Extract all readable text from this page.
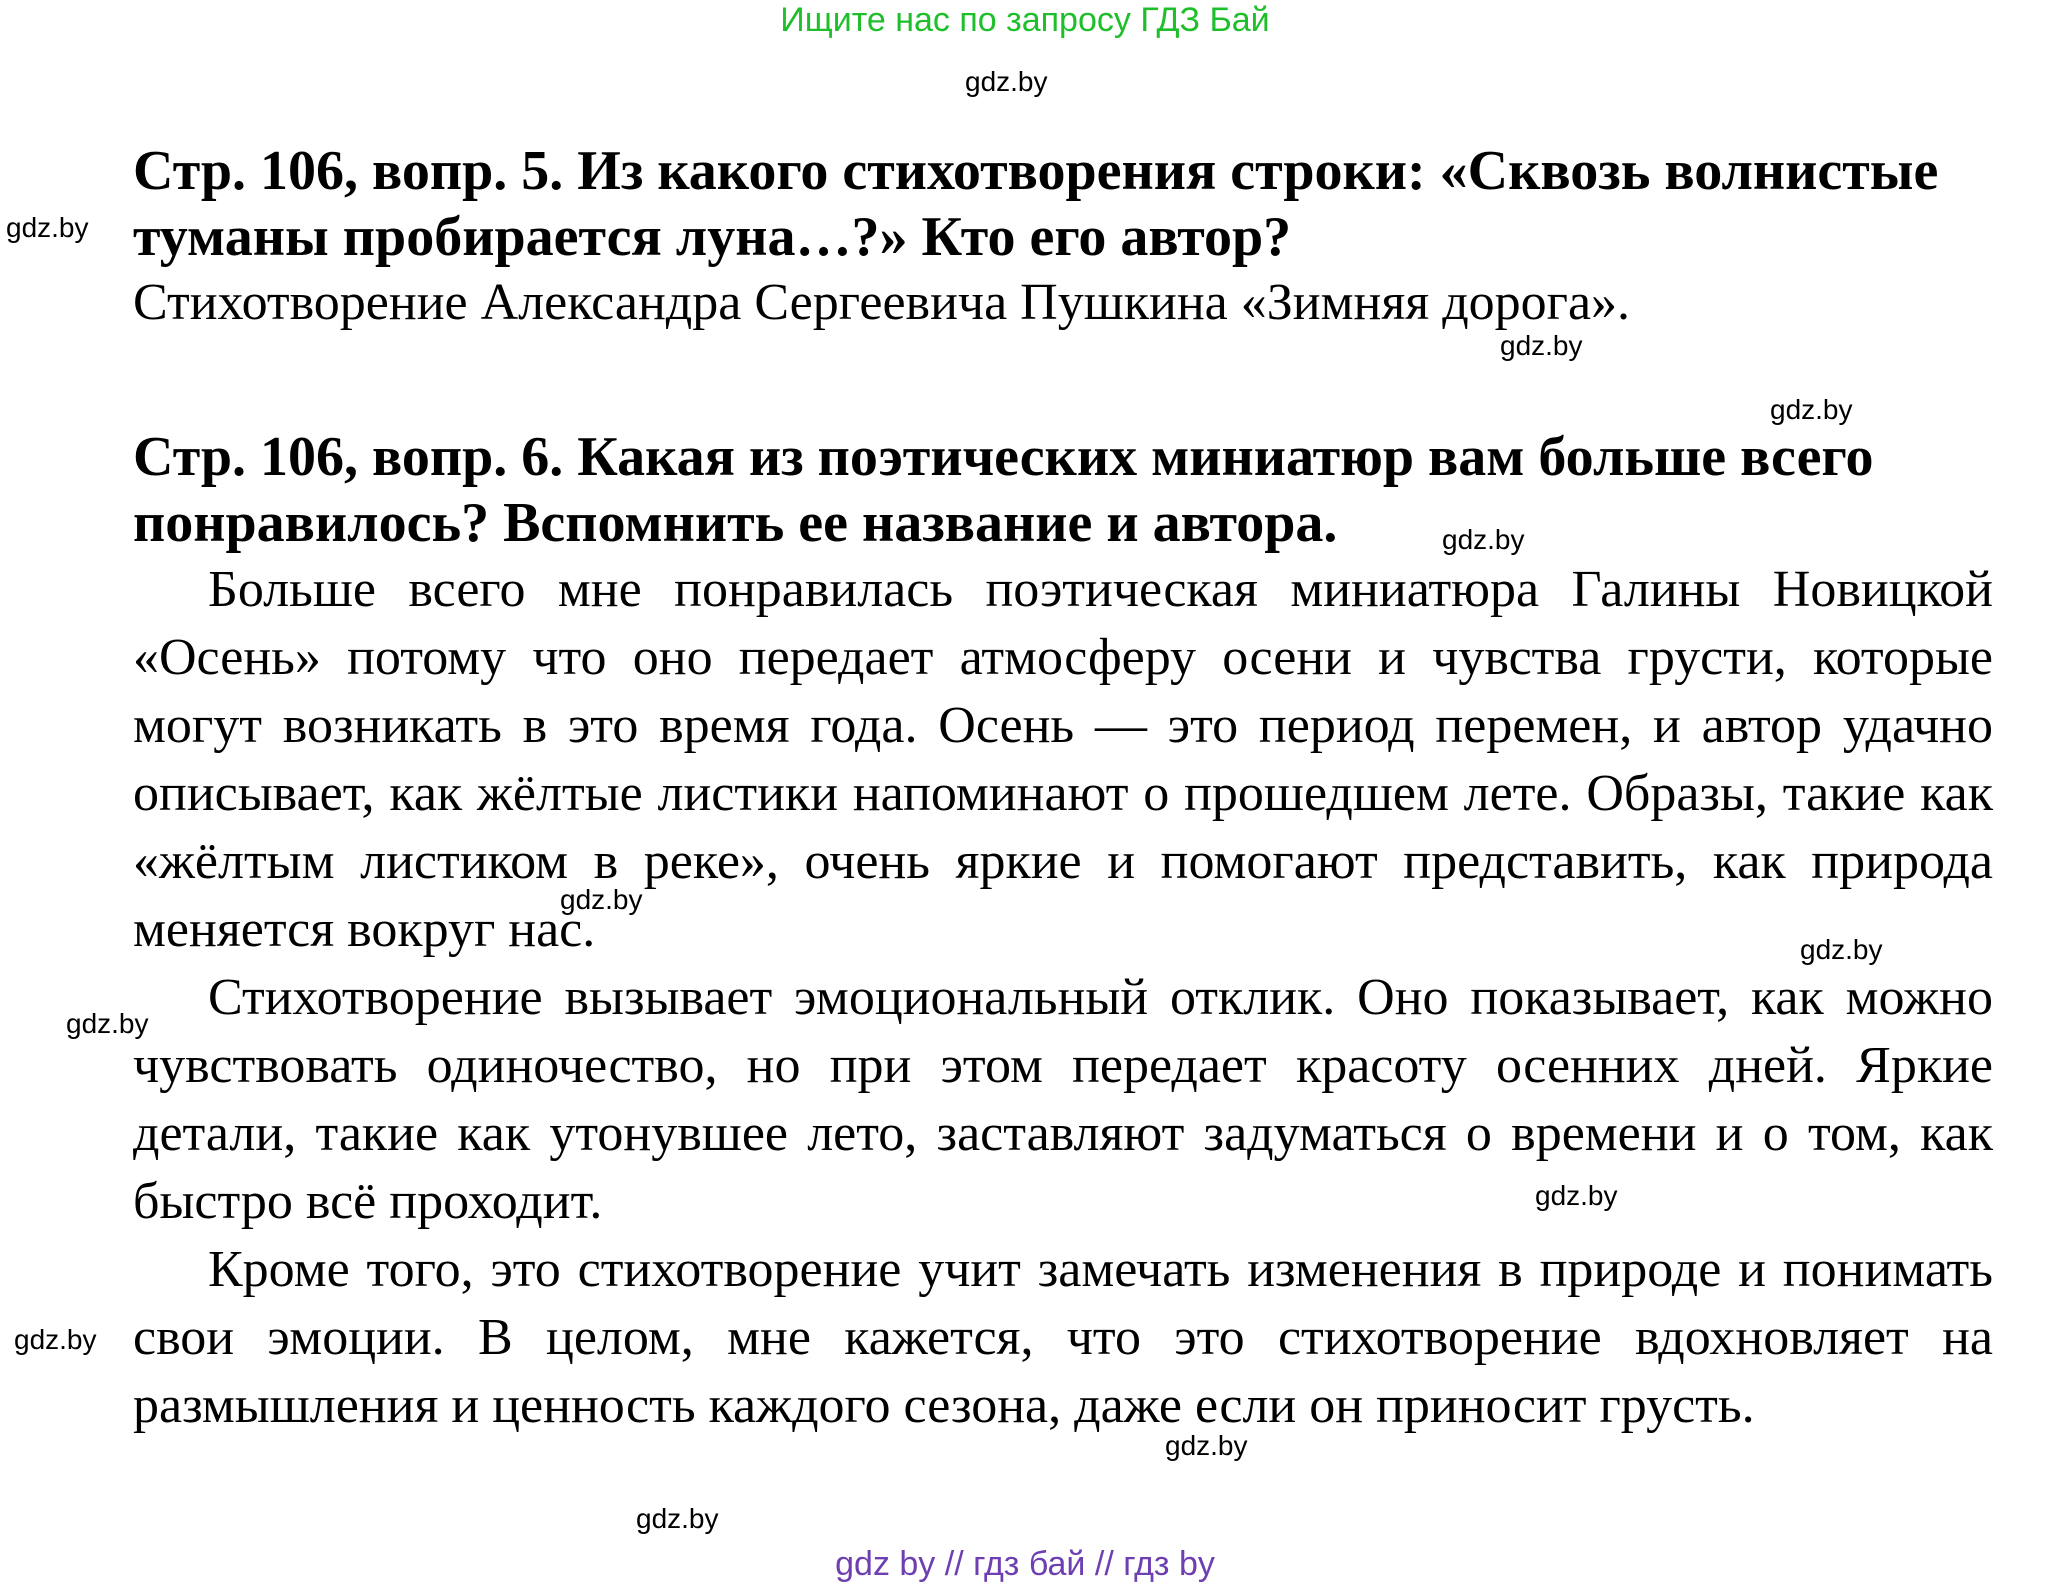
Ищите нас по запросу ГДЗ Бай

Стр. 106, вопр. 5. Из какого стихотворения строки: «Сквозь волнистые туманы пробирается луна…?» Кто его автор?

Стихотворение Александра Сергеевича Пушкина «Зимняя дорога».

Стр. 106, вопр. 6. Какая из поэтических миниатюр вам больше всего понравилось? Вспомнить ее название и автора.

Больше всего мне понравилась поэтическая миниатюра Галины Новицкой «Осень» потому что оно передает атмосферу осени и чувства грусти, которые могут возникать в это время года. Осень — это период перемен, и автор удачно описывает, как жёлтые листики напоминают о прошедшем лете. Образы, такие как «жёлтым листиком в реке», очень яркие и помогают представить, как природа меняется вокруг нас.

Стихотворение вызывает эмоциональный отклик. Оно показывает, как можно чувствовать одиночество, но при этом передает красоту осенних дней. Яркие детали, такие как утонувшее лето, заставляют задуматься о времени и о том, как быстро всё проходит.

Кроме того, это стихотворение учит замечать изменения в природе и понимать свои эмоции. В целом, мне кажется, что это стихотворение вдохновляет на размышления и ценность каждого сезона, даже если он приносит грусть.

gdz.by
gdz.by
gdz.by
gdz.by
gdz.by
gdz.by
gdz.by
gdz.by
gdz.by
gdz.by
gdz.by
gdz.by
gdz by // гдз бай // гдз by
